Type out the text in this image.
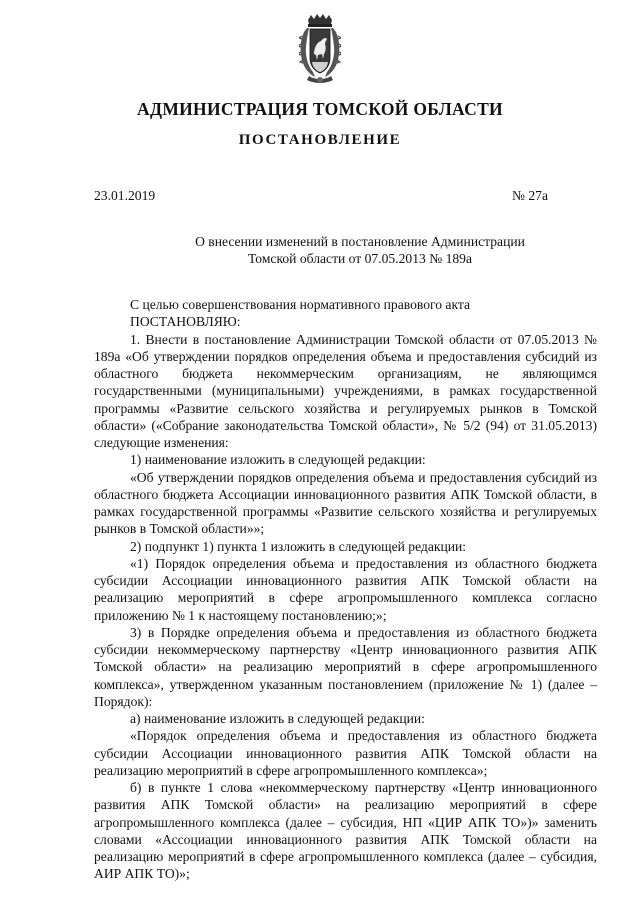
АДМИНИСТРАЦИЯ ТОМСКОЙ ОБЛАСТИ
ПОСТАНОВЛЕНИЕ
23.01.2019	№ 27а
О внесении изменений в постановление Администрации
Томской области от 07.05.2013 № 189а

С целью совершенствования нормативного правового акта

ПОСТАНОВЛЯЮ:

1. Внести в постановление Администрации Томской области от 07.05.2013 № 189а «Об утверждении порядков определения объема и предоставления субсидий из областного бюджета некоммерческим организациям, не являющимся государственными (муниципальными) учреждениями, в рамках государственной программы «Развитие сельского хозяйства и регулируемых рынков в Томской области» («Собрание законодательства Томской области», № 5/2 (94) от 31.05.2013) следующие изменения:

1) наименование изложить в следующей редакции:

«Об утверждении порядков определения объема и предоставления субсидий из областного бюджета Ассоциации инновационного развития АПК Томской области, в рамках государственной программы «Развитие сельского хозяйства и регулируемых рынков в Томской области»»;

2) подпункт 1) пункта 1 изложить в следующей редакции:

«1) Порядок определения объема и предоставления из областного бюджета субсидии Ассоциации инновационного развития АПК Томской области на реализацию мероприятий в сфере агропромышленного комплекса согласно приложению № 1 к настоящему постановлению;»;

3) в Порядке определения объема и предоставления из областного бюджета субсидии некоммерческому партнерству «Центр инновационного развития АПК Томской области» на реализацию мероприятий в сфере агропромышленного комплекса», утвержденном указанным постановлением (приложение № 1) (далее – Порядок):

а) наименование изложить в следующей редакции:

«Порядок определения объема и предоставления из областного бюджета субсидии Ассоциации инновационного развития АПК Томской области на реализацию мероприятий в сфере агропромышленного комплекса»;

б) в пункте 1 слова «некоммерческому партнерству «Центр инновационного развития АПК Томской области» на реализацию мероприятий в сфере агропромышленного комплекса (далее – субсидия, НП «ЦИР АПК ТО»)» заменить словами «Ассоциации инновационного развития АПК Томской области на реализацию мероприятий в сфере агропромышленного комплекса (далее – субсидия, АИР АПК ТО)»;
